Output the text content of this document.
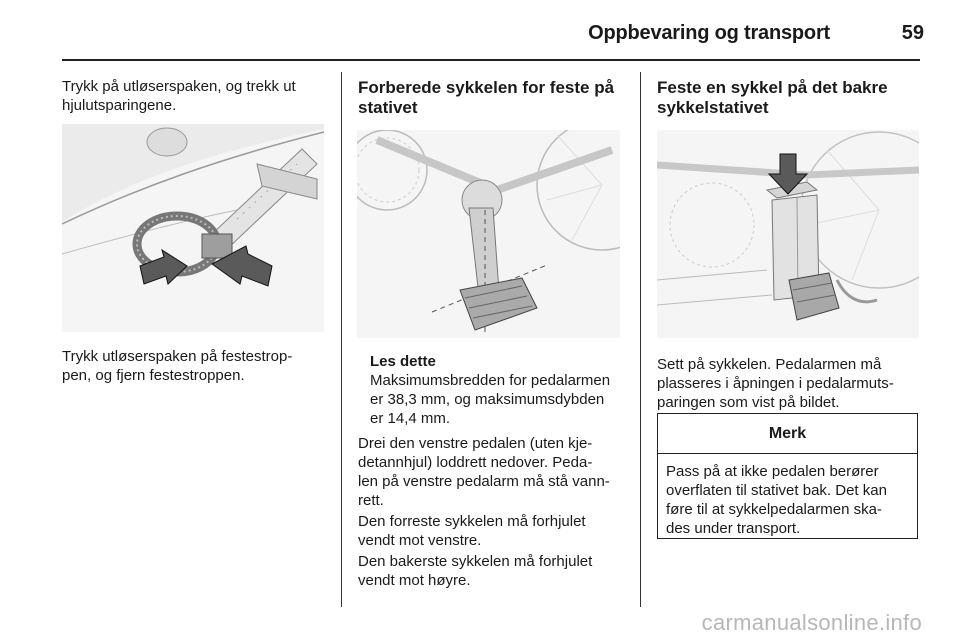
Oppbevaring og transport	59

Trykk på utløserspaken, og trekk ut
hjulutsparingene.

Trykk utløserspaken på festestrop-
pen, og fjern festestroppen.

Forberede sykkelen for feste på
stativet
Les dette
Maksimumsbredden for pedalarmen
er 38,3 mm, og maksimumsdybden
er 14,4 mm.

Drei den venstre pedalen (uten kje-
detannhjul) loddrett nedover. Peda-
len på venstre pedalarm må stå vann-
rett.

Den forreste sykkelen må forhjulet
vendt mot venstre.

Den bakerste sykkelen må forhjulet
vendt mot høyre.

Feste en sykkel på det bakre
sykkelstativet

Sett på sykkelen. Pedalarmen må
plasseres i åpningen i pedalarmuts-
paringen som vist på bildet.

Merk
Pass på at ikke pedalen berører
overflaten til stativet bak. Det kan
føre til at sykkelpedalarmen ska-
des under transport.
carmanualsonline.info
